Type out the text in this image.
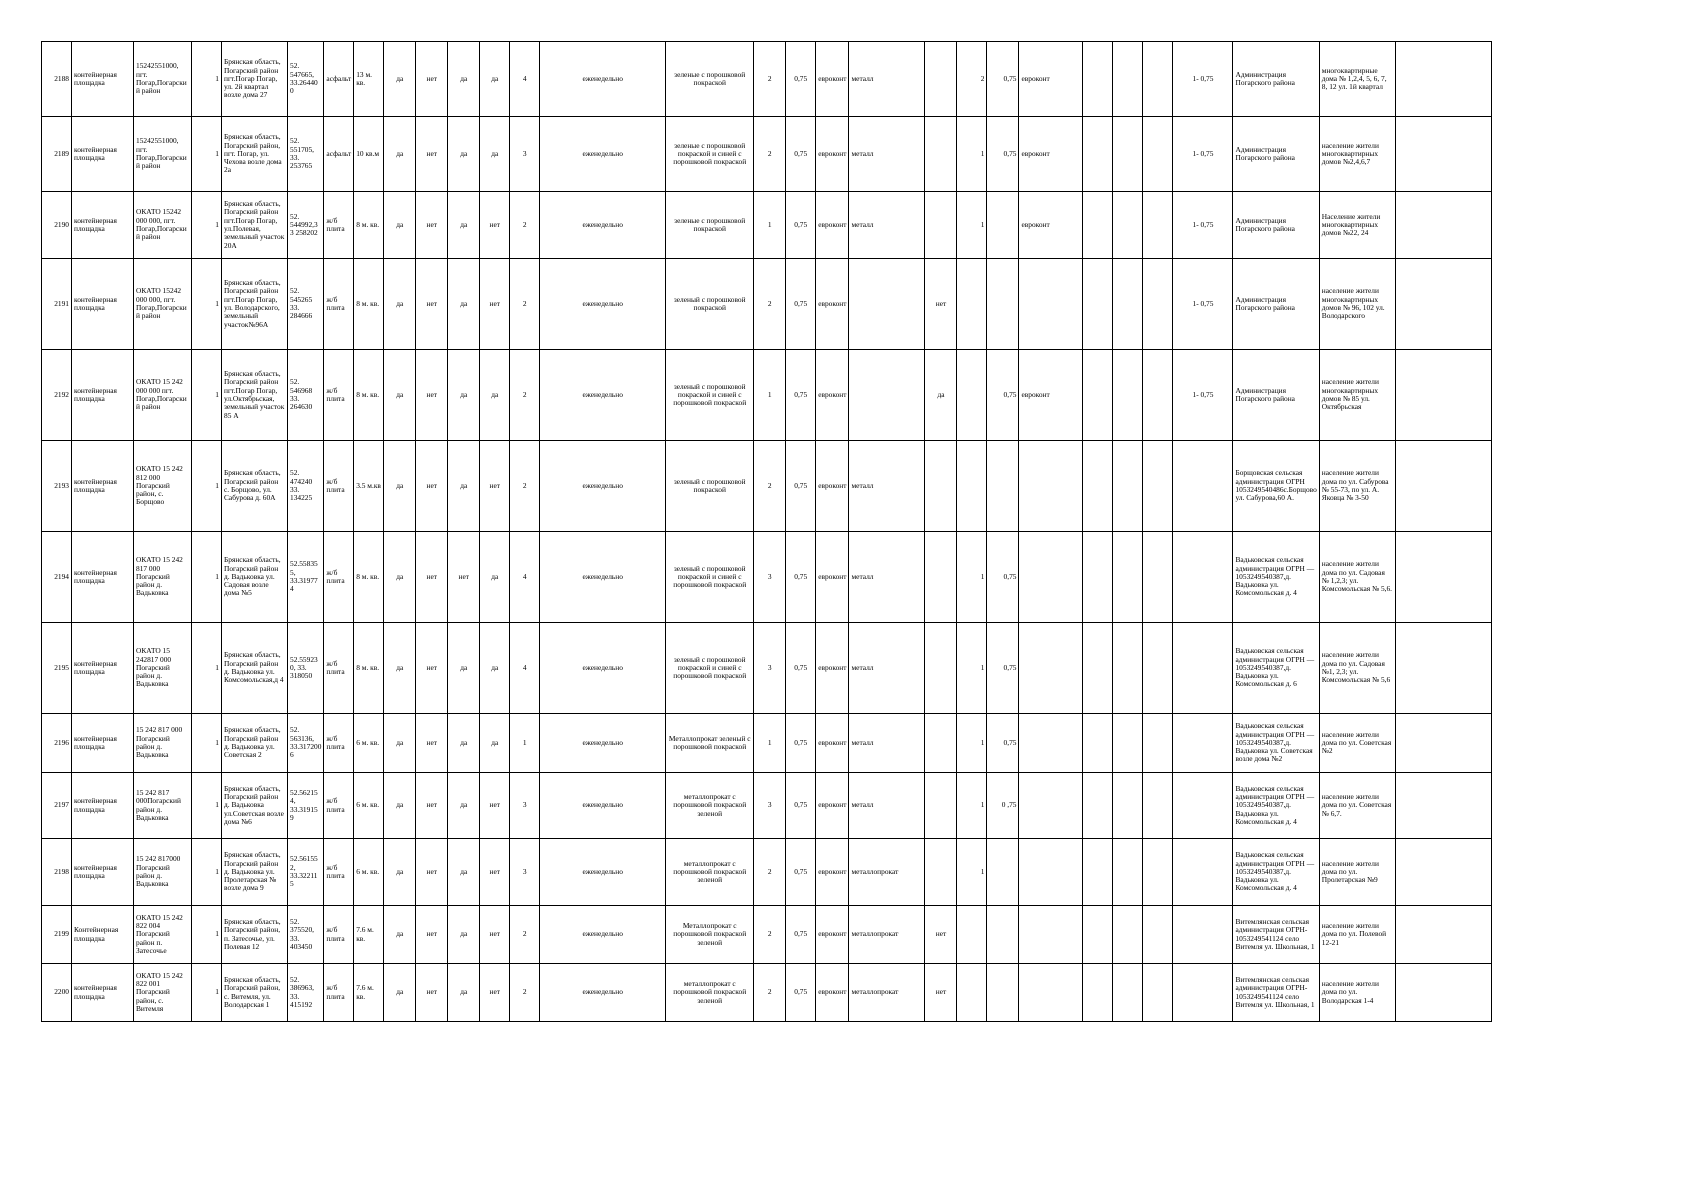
2188	контейнерная площадка	15242551000, пгт. Погар,Погарски й район	1	Брянская область, Погарский район пгт.Погар Погар, ул. 2й квартал возле дома 27	52. 547665, 33.26440 0	асфальт	13 м. кв.	да	нет	да	да	4	еженедельно	зеленые с порошковой покраской	2	0,75	евроконт	металл		2	0,75	евроконт				1- 0,75	Администрация Погарского района	многоквартирные дома № 1,2,4, 5, 6, 7, 8, 12 ул. 1й квартал	
2189	контейнерная площадка	15242551000, пгт. Погар,Погарски й район	1	Брянская область, Погарский район, пгт. Погар, ул. Чехова возле дома 2а	52. 551705, 33. 253765	асфальт	10 кв.м	да	нет	да	да	3	еженедельно	зеленые с порошковой покраской и синей с порошковой покраской	2	0,75	евроконт	металл		1	0,75	евроконт				1- 0,75	Администрация Погарского района	население жители многоквартирных домов №2,4,6,7	
2190	контейнерная площадка	ОКАТО 15242 000 000, пгт. Погар,Погарски й район	1	Брянская область, Погарский район пгт.Погар Погар, ул.Полевая, земельный участок 20А	52. 544992,3 3 258202	ж/б плита	8 м. кв.	да	нет	да	нет	2	еженедельно	зеленые с порошковой покраской	1	0,75	евроконт	металл		1		евроконт				1- 0,75	Администрация Погарского района	Население жители многоквартирных домов №22, 24	
2191	контейнерная площадка	ОКАТО 15242 000 000, пгт. Погар,Погарски й район	1	Брянская область, Погарский район пгт.Погар Погар, ул. Володарского, земельный участок№96А	52. 545265 33. 284666	ж/б плита	8 м. кв.	да	нет	да	нет	2	еженедельно	зеленый с порошковой покраской	2	0,75	евроконт		нет							1- 0,75	Администрация Погарского района	население жители многоквартирных домов № 96, 102 ул. Володарского	
2192	контейнерная площадка	ОКАТО 15 242 000 000 пгт. Погар,Погарски й район	1	Брянская область, Погарский район пгт.Погар Погар, ул.Октябрьская, земельный участок 85 А	52. 546968 33. 264630	ж/б плита	8 м. кв.	да	нет	да	да	2	еженедельно	зеленый с порошковой покраской и синей с порошковой покраской	1	0,75	евроконт		да		0,75	евроконт				1- 0,75	Администрация Погарского района	население жители многоквартирных домов № 85 ул. Октябрьская	
2193	контейнерная площадка	ОКАТО 15 242 812 000 Погарский район, с. Борщово	1	Брянская область, Погарский район с. Борщово, ул. Сабурова д. 60А	52. 474240 33. 134225	ж/б плита	3.5 м.кв	да	нет	да	нет	2	еженедельно	зеленый с порошковой покраской	2	0,75	евроконт	металл									Борщовская сельская администрация ОГРН 1053249540486с.Борщово ул. Сабурова,60 А.	население жители дома по ул. Сабурова № 55-73, по ул. А. Яковца № 3-50	
2194	контейнерная площадка	ОКАТО 15 242 817 000 Погарский район д. Вадьковка	1	Брянская область, Погарский район д. Вадьковка ул. Садовая возле дома №5	52.55835 5, 33.31977 4	ж/б плита	8 м. кв.	да	нет	нет	да	4	еженедельно	зеленый с порошковой покраской и синей с порошковой покраской	3	0,75	евроконт	металл		1	0,75						Вадьковская сельская администрация ОГРН — 1053249540387,д. Вадьковка ул. Комсомольская д. 4	население жители дома по ул. Садовая № 1,2,3; ул. Комсомольская № 5,6.	
2195	контейнерная площадка	ОКАТО 15 242817 000 Погарский район д. Вадьковка	1	Брянская область, Погарский район д. Вадьковка ул. Комсомольская,д 4	52.55923 0, 33. 318050	ж/б плита	8 м. кв.	да	нет	да	да	4	еженедельно	зеленый с порошковой покраской и синей с порошковой покраской	3	0,75	евроконт	металл		1	0,75						Вадьковская сельская администрация ОГРН — 1053249540387,д. Вадьковка ул. Комсомольская д. 6	население жители дома по ул. Садовая №1, 2,3; ул. Комсомольская № 5,6	
2196	контейнерная площадка	15 242 817 000 Погарский район д. Вадьковка	1	Брянская область, Погарский район д. Вадьковка ул. Советская 2	52. 563136, 33.317200 6	ж/б плита	6 м. кв.	да	нет	да	да	1	еженедельно	Металлопрокат зеленый с порошковой покраской	1	0,75	евроконт	металл		1	0,75						Вадьковская сельская администрация ОГРН — 1053249540387,д. Вадьковка ул. Советская возле дома №2	население жители дома по ул. Советская №2	
2197	контейнерная площадка	15 242 817 000Погарский район д. Вадьковка	1	Брянская область, Погарский район д. Вадьковка ул.Советская возле дома №6	52.56215 4, 33.31915 9	ж/б плита	6 м. кв.	да	нет	да	нет	3	еженедельно	металлопрокат с порошковой покраской зеленой	3	0,75	евроконт	металл		1	0 ,75						Вадьковская сельская администрация ОГРН — 1053249540387,д. Вадьковка ул. Комсомольская д. 4	население жители дома по ул. Советская № 6,7.	
2198	контейнерная площадка	15 242 817000 Погарский район д. Вадьковка	1	Брянская область, Погарский район д. Вадьковка ул. Пролетарская № возле дома 9	52.56155 2, 33.32211 5	ж/б плита	6 м. кв.	да	нет	да	нет	3	еженедельно	металлопрокат с порошковой покраской зеленой	2	0,75	евроконт	металлопрокат		1							Вадьковская сельская администрация ОГРН — 1053249540387,д. Вадьковка ул. Комсомольская д. 4	население жители дома по ул. Пролетарская №9	
2199	Контейнерная площадка	ОКАТО 15 242 822 004 Погарский район п. Затесочье	1	Брянская область, Погарский район, п. Затесочье, ул. Полевая 12	52. 375520, 33. 403450	ж/б плита	7.6 м. кв.	да	нет	да	нет	2	еженедельно	Металлопрокат с порошковой покраской зеленой	2	0,75	евроконт	металлопрокат	нет								Витемлянская сельская администрация ОГРН- 1053249541124 село Витемля ул. Школьная, 1	население жители дома по ул. Полевой 12-21	
2200	контейнерная площадка	ОКАТО 15 242 822 001 Погарский район, с. Витемля	1	Брянская область, Погарский район, с. Витемля, ул. Володарская 1	52. 386963, 33. 415192	ж/б плита	7.6 м. кв.	да	нет	да	нет	2	еженедельно	металлопрокат с порошковой покраской зеленой	2	0,75	евроконт	металлопрокат	нет								Витемлянская сельская администрация ОГРН- 1053249541124 село Витемля ул. Школьная, 1	население жители дома по ул. Володарская 1-4	
